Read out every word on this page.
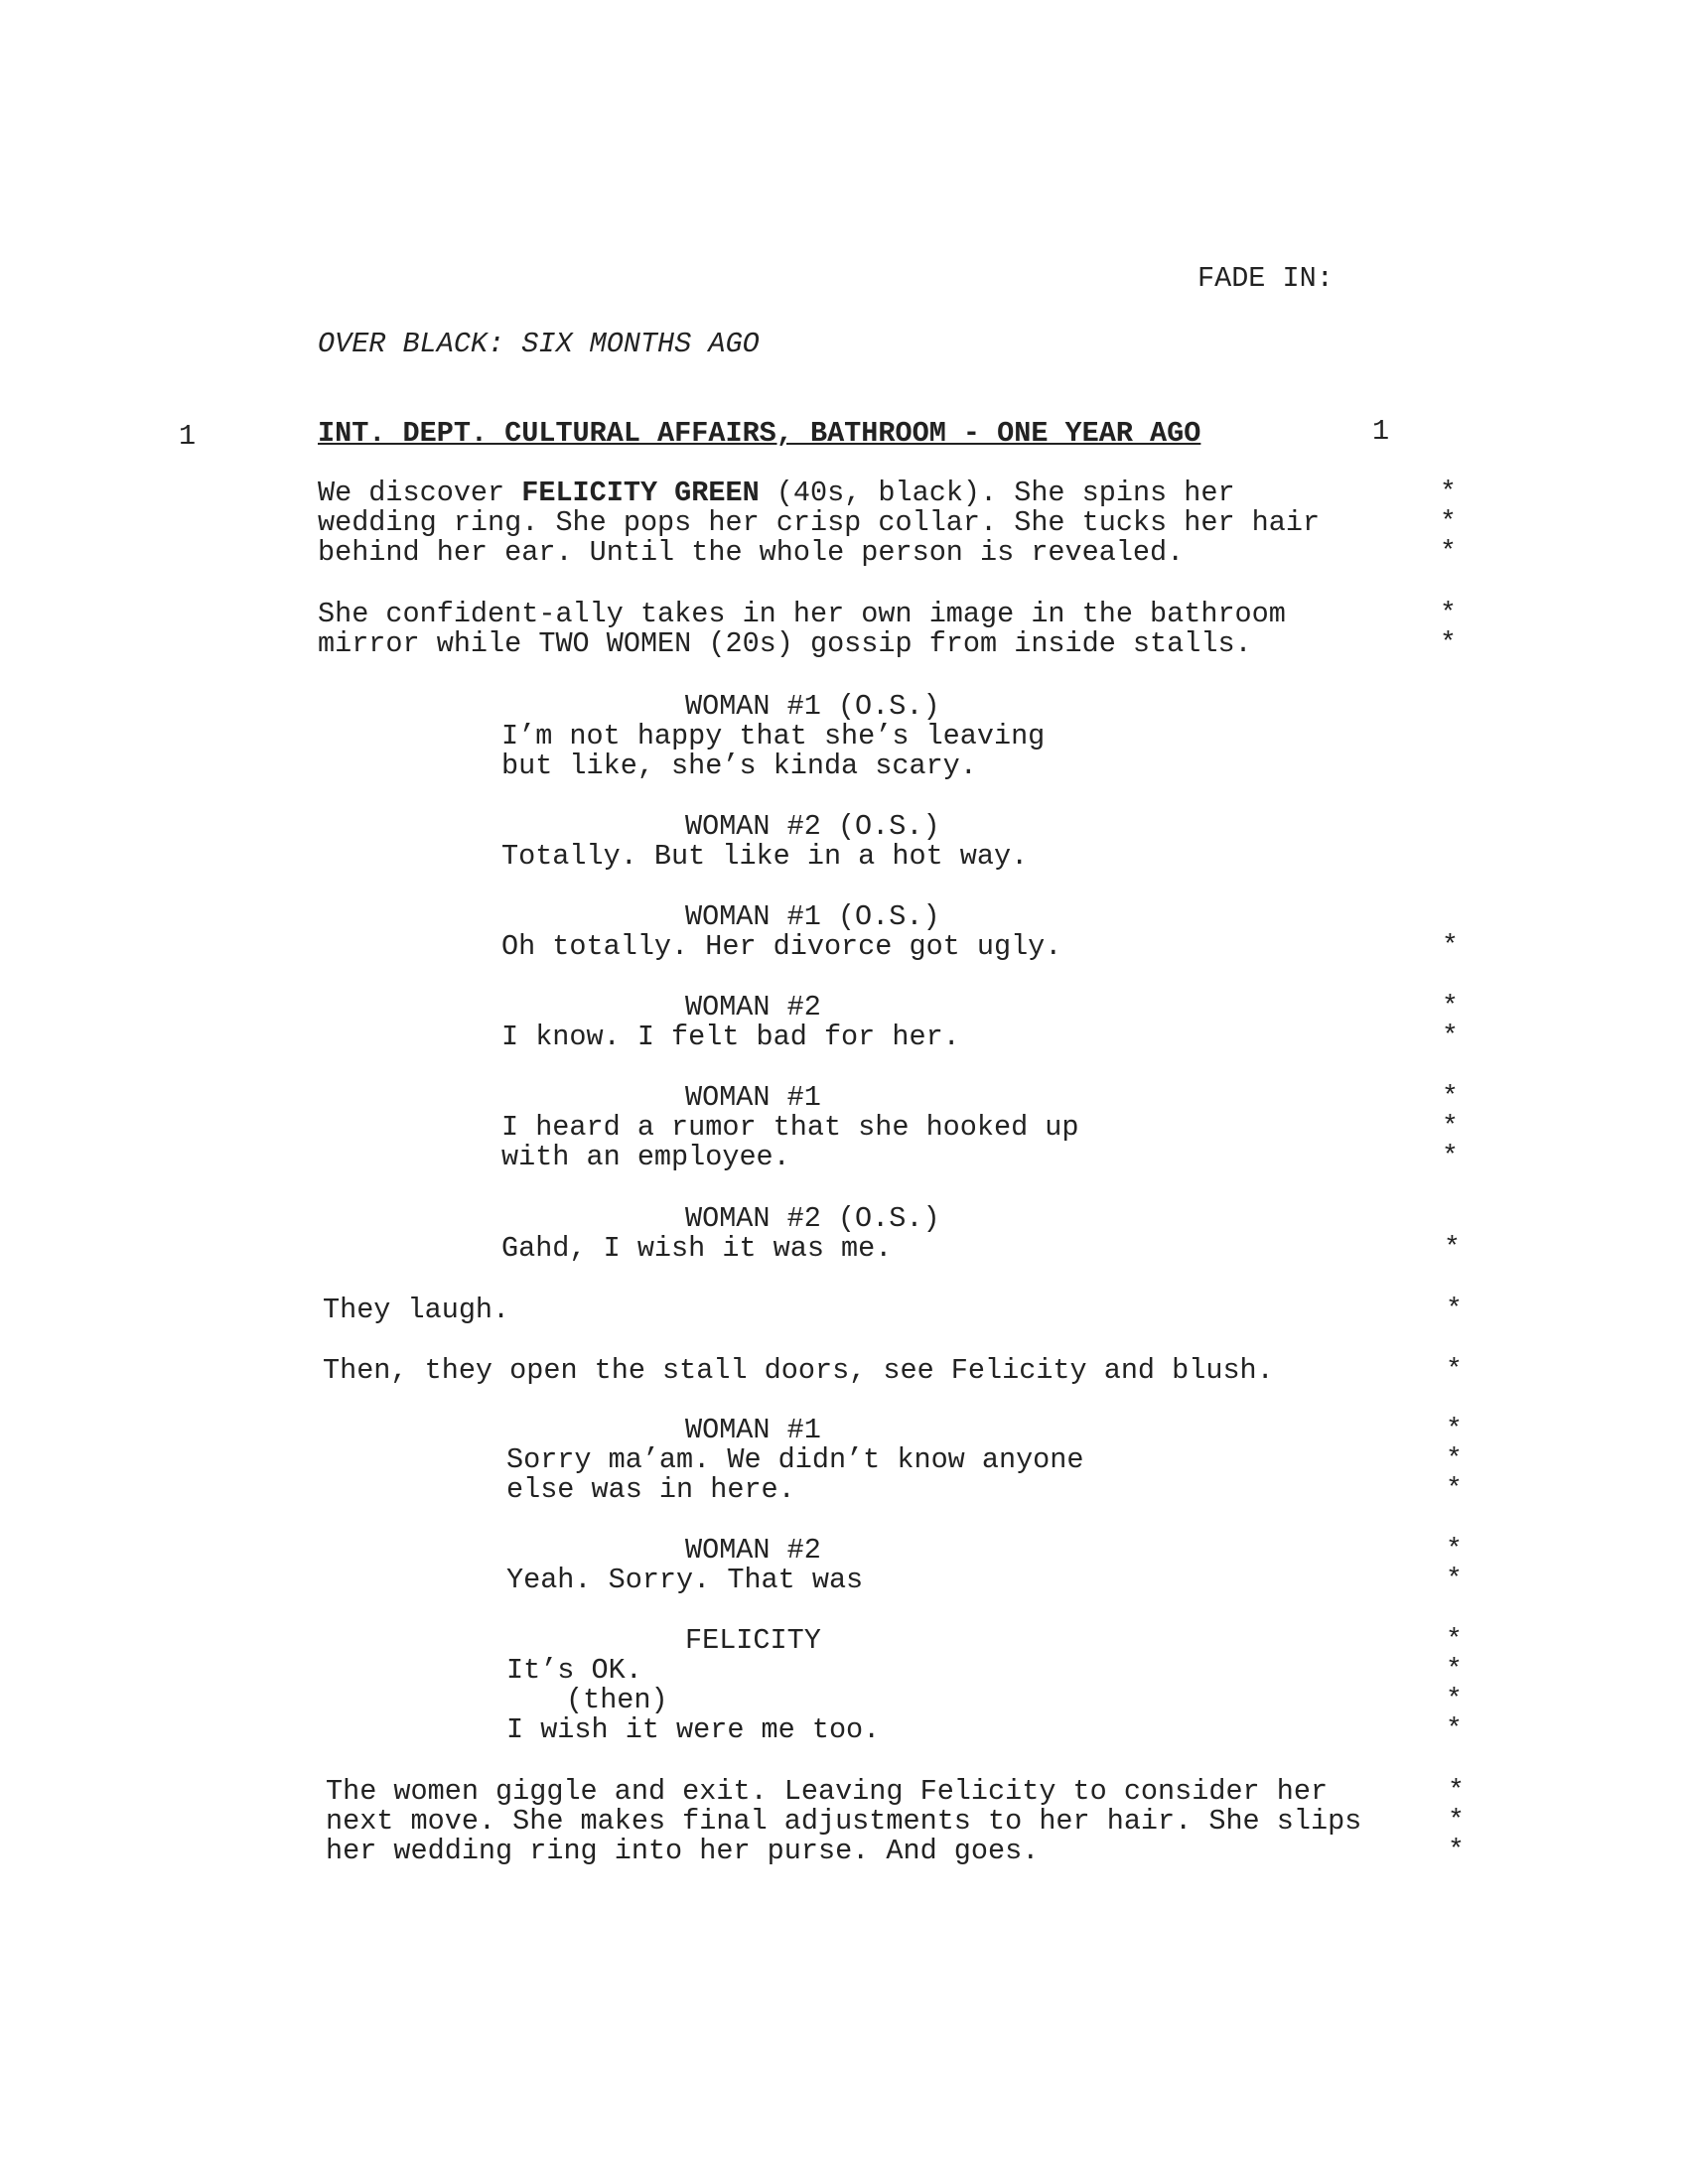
FADE IN:
OVER BLACK: SIX MONTHS AGO
1	INT. DEPT. CULTURAL AFFAIRS, BATHROOM - ONE YEAR AGO	1
We discover FELICITY GREEN (40s, black). She spins her
wedding ring. She pops her crisp collar. She tucks her hair
behind her ear. Until the whole person is revealed.
She confident-ally takes in her own image in the bathroom
mirror while TWO WOMEN (20s) gossip from inside stalls.
WOMAN #1 (O.S.)
I’m not happy that she’s leaving
but like, she’s kinda scary.
WOMAN #2 (O.S.)
Totally. But like in a hot way.
WOMAN #1 (O.S.)
Oh totally. Her divorce got ugly.
WOMAN #2
I know. I felt bad for her.
WOMAN #1
I heard a rumor that she hooked up
with an employee.
WOMAN #2 (O.S.)
Gahd, I wish it was me.
They laugh.
Then, they open the stall doors, see Felicity and blush.
WOMAN #1
Sorry ma’am. We didn’t know anyone
else was in here.
WOMAN #2
Yeah. Sorry. That was
FELICITY
It’s OK.
(then)
I wish it were me too.
The women giggle and exit. Leaving Felicity to consider her
next move. She makes final adjustments to her hair. She slips
her wedding ring into her purse. And goes.
*
*
*
*
*
*
*
*
*
*
*
*
*
*
*
*
*
*
*
*
*
*
*
*
*
*
